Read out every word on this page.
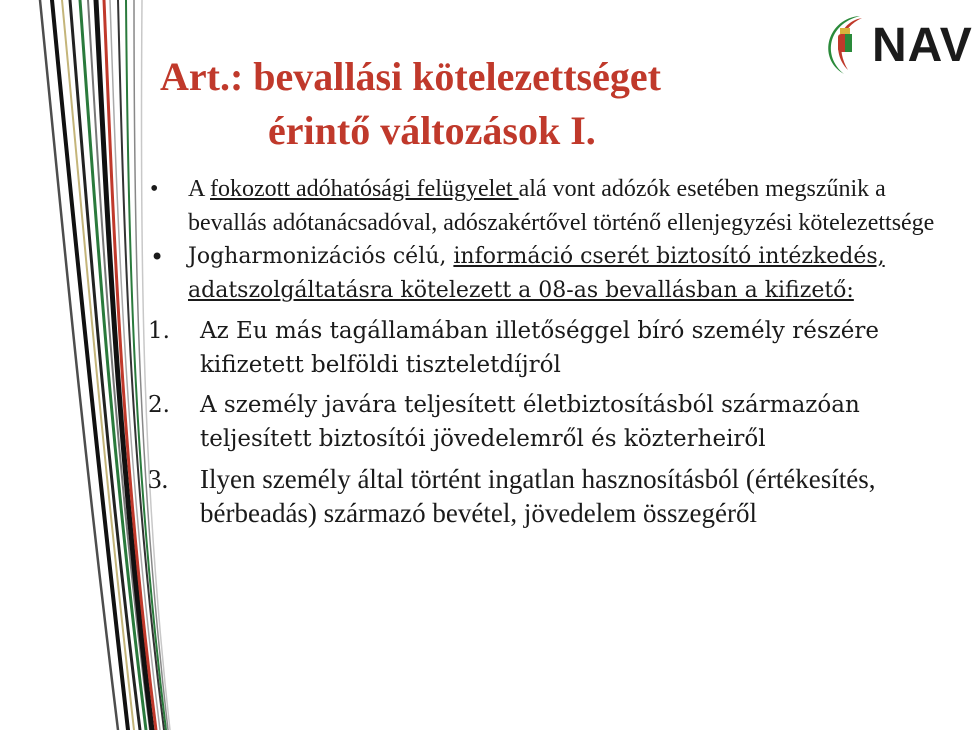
NAV
Art.: bevallási kötelezettséget
érintő változások I.
• A fokozott adóhatósági felügyelet alá vont adózók esetében megszűnik a bevallás adótanácsadóval, adószakértővel történő ellenjegyzési kötelezettsége
• Jogharmonizációs célú, információ cserét biztosító intézkedés, adatszolgáltatásra kötelezett a 08-as bevallásban a kifizető:
1. Az Eu más tagállamában illetőséggel bíró személy részére kifizetett belföldi tiszteletdíjról
2. A személy javára teljesített életbiztosításból származóan teljesített biztosítói jövedelemről és közterheiről
3. Ilyen személy által történt ingatlan hasznosításból (értékesítés, bérbeadás) származó bevétel, jövedelem összegéről
